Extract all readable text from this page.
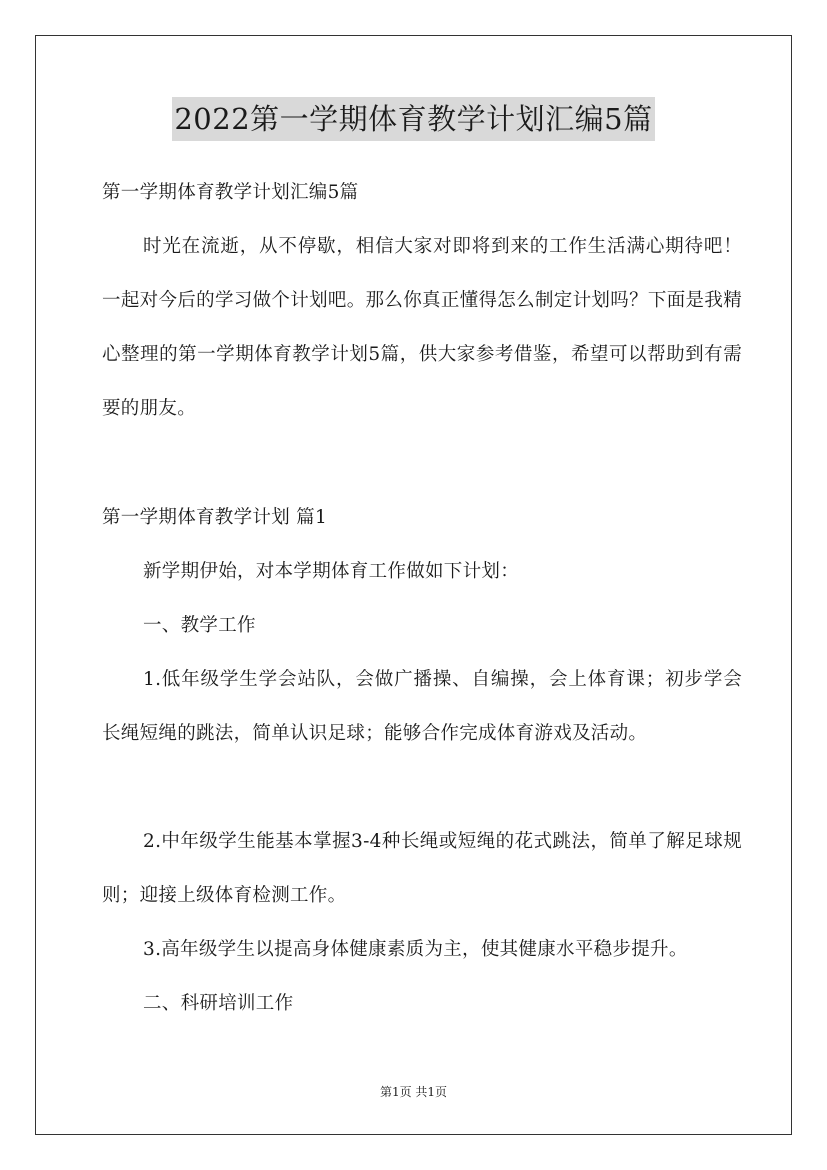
2022第一学期体育教学计划汇编5篇
第一学期体育教学计划汇编5篇
时光在流逝，从不停歇，相信大家对即将到来的工作生活满心期待吧！一起对今后的学习做个计划吧。那么你真正懂得怎么制定计划吗？下面是我精心整理的第一学期体育教学计划5篇，供大家参考借鉴，希望可以帮助到有需要的朋友。
第一学期体育教学计划 篇1
新学期伊始，对本学期体育工作做如下计划：
一、教学工作
1.低年级学生学会站队，会做广播操、自编操，会上体育课；初步学会长绳短绳的跳法，简单认识足球；能够合作完成体育游戏及活动。
2.中年级学生能基本掌握3-4种长绳或短绳的花式跳法，简单了解足球规则；迎接上级体育检测工作。
3.高年级学生以提高身体健康素质为主，使其健康水平稳步提升。
二、科研培训工作
第1页 共1页
